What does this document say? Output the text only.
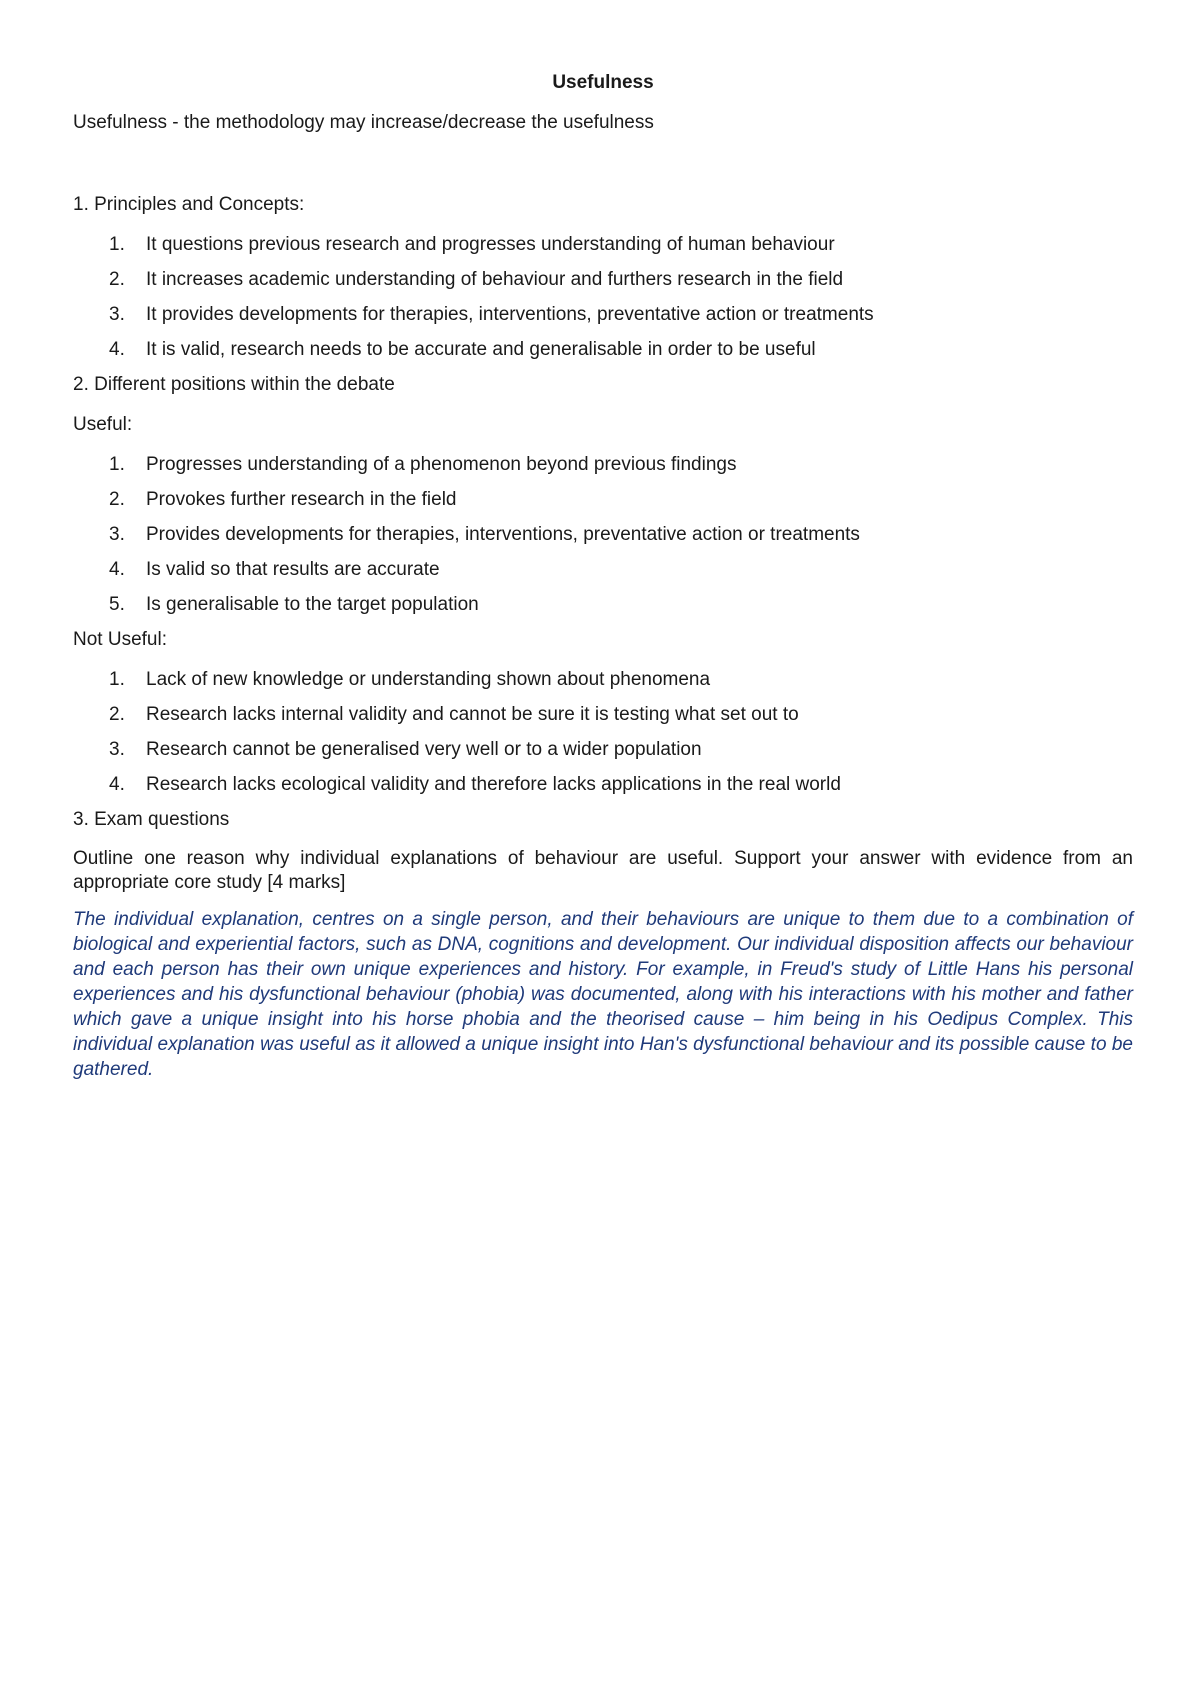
Usefulness

Usefulness - the methodology may increase/decrease the usefulness

1. Principles and Concepts:

1.	It questions previous research and progresses understanding of human behaviour
2.	It increases academic understanding of behaviour and furthers research in the field
3.	It provides developments for therapies, interventions, preventative action or treatments
4.	It is valid, research needs to be accurate and generalisable in order to be useful

2. Different positions within the debate

Useful:

1.	Progresses understanding of a phenomenon beyond previous findings
2.	Provokes further research in the field
3.	Provides developments for therapies, interventions, preventative action or treatments
4.	Is valid so that results are accurate
5.	Is generalisable to the target population

Not Useful:

1.	Lack of new knowledge or understanding shown about phenomena
2.	Research lacks internal validity and cannot be sure it is testing what set out to
3.	Research cannot be generalised very well or to a wider population
4.	Research lacks ecological validity and therefore lacks applications in the real world

3. Exam questions

Outline one reason why individual explanations of behaviour are useful. Support your answer with evidence from an appropriate core study [4 marks]

The individual explanation, centres on a single person, and their behaviours are unique to them due to a combination of biological and experiential factors, such as DNA, cognitions and development. Our individual disposition affects our behaviour and each person has their own unique experiences and history. For example, in Freud's study of Little Hans his personal experiences and his dysfunctional behaviour (phobia) was documented, along with his interactions with his mother and father which gave a unique insight into his horse phobia and the theorised cause – him being in his Oedipus Complex. This individual explanation was useful as it allowed a unique insight into Han's dysfunctional behaviour and its possible cause to be gathered.
